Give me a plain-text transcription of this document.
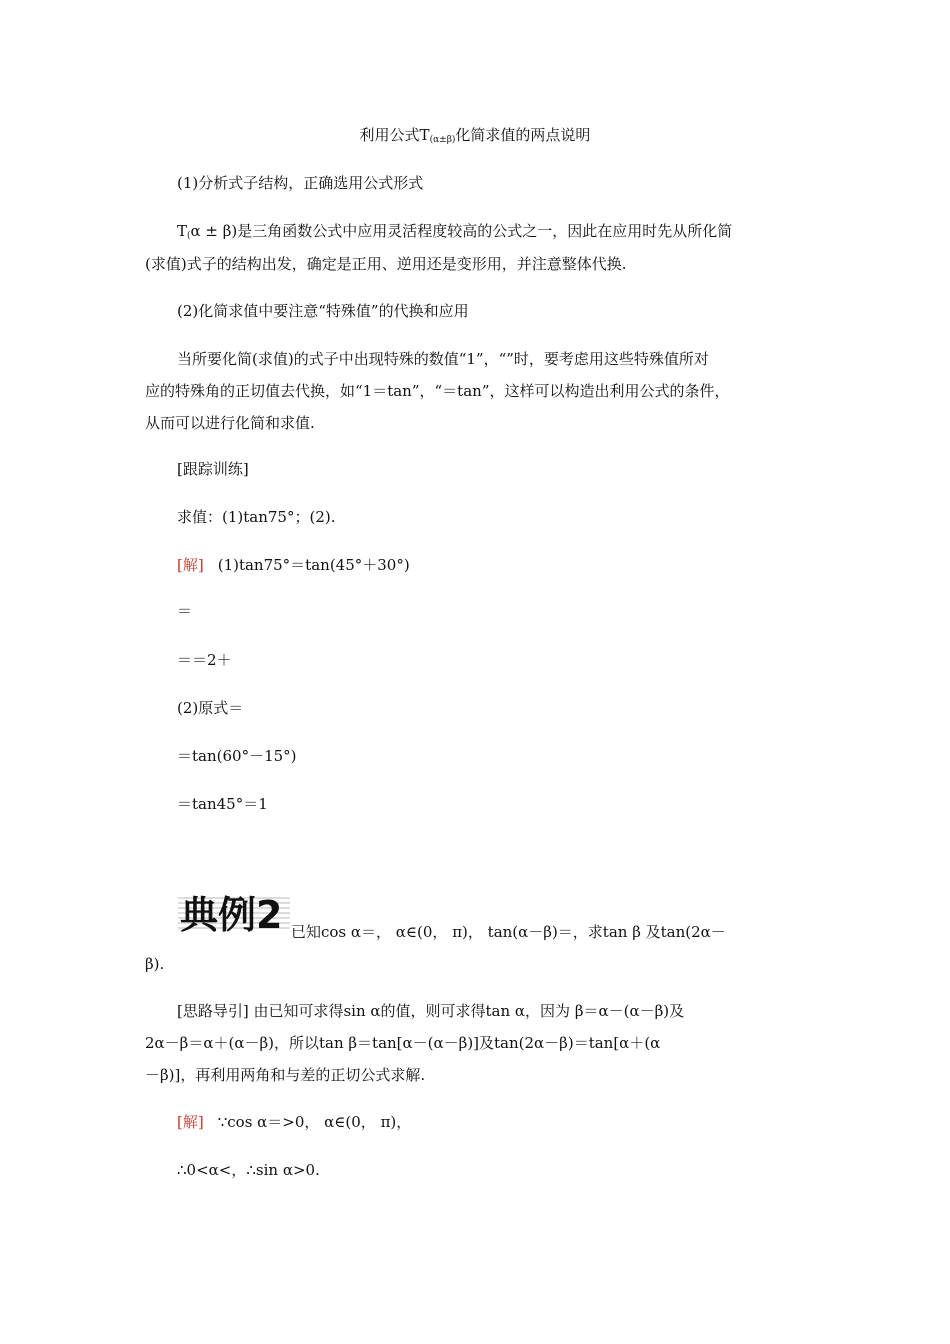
利用公式$T_{(\alpha\pm\beta)}$化简求值的两点说明
(1)分析式子结构，正确选用公式形式
$T_(\alpha \pm \beta$)是三角函数公式中应用灵活程度较高的公式之一，因此在应用时先从所化简
(求值)式子的结构出发，确定是正用、逆用还是变形用，并注意整体代换.
(2)化简求值中要注意“特殊值”的代换和应用
当所要化简(求值)的式子中出现特殊的数值“1”，“”时，要考虑用这些特殊值所对
应的特殊角的正切值去代换，如“1＝tan”，“＝tan”，这样可以构造出利用公式的条件，
从而可以进行化简和求值.
[跟踪训练]
求值：(1)tan75°；(2).
[解] (1)tan75°＝tan(45°＋30°)
＝
＝＝2＋
(2)原式＝
＝tan(60°－15°)
＝tan45°＝1
典例2 已知cos α＝， α∈(0， π)， tan(α－β)＝，求tan β 及tan(2α－
β).
[思路导引] 由已知可求得sin α的值，则可求得tan α，因为 β＝α－(α－β)及
2α－β＝α＋(α－β)，所以tan β＝tan[α－(α－β)]及tan(2α－β)＝tan[α＋(α
－β)]，再利用两角和与差的正切公式求解.
[解] ∵cos α＝>0， α∈(0， π)，
∴0<α<，∴sin α>0.
